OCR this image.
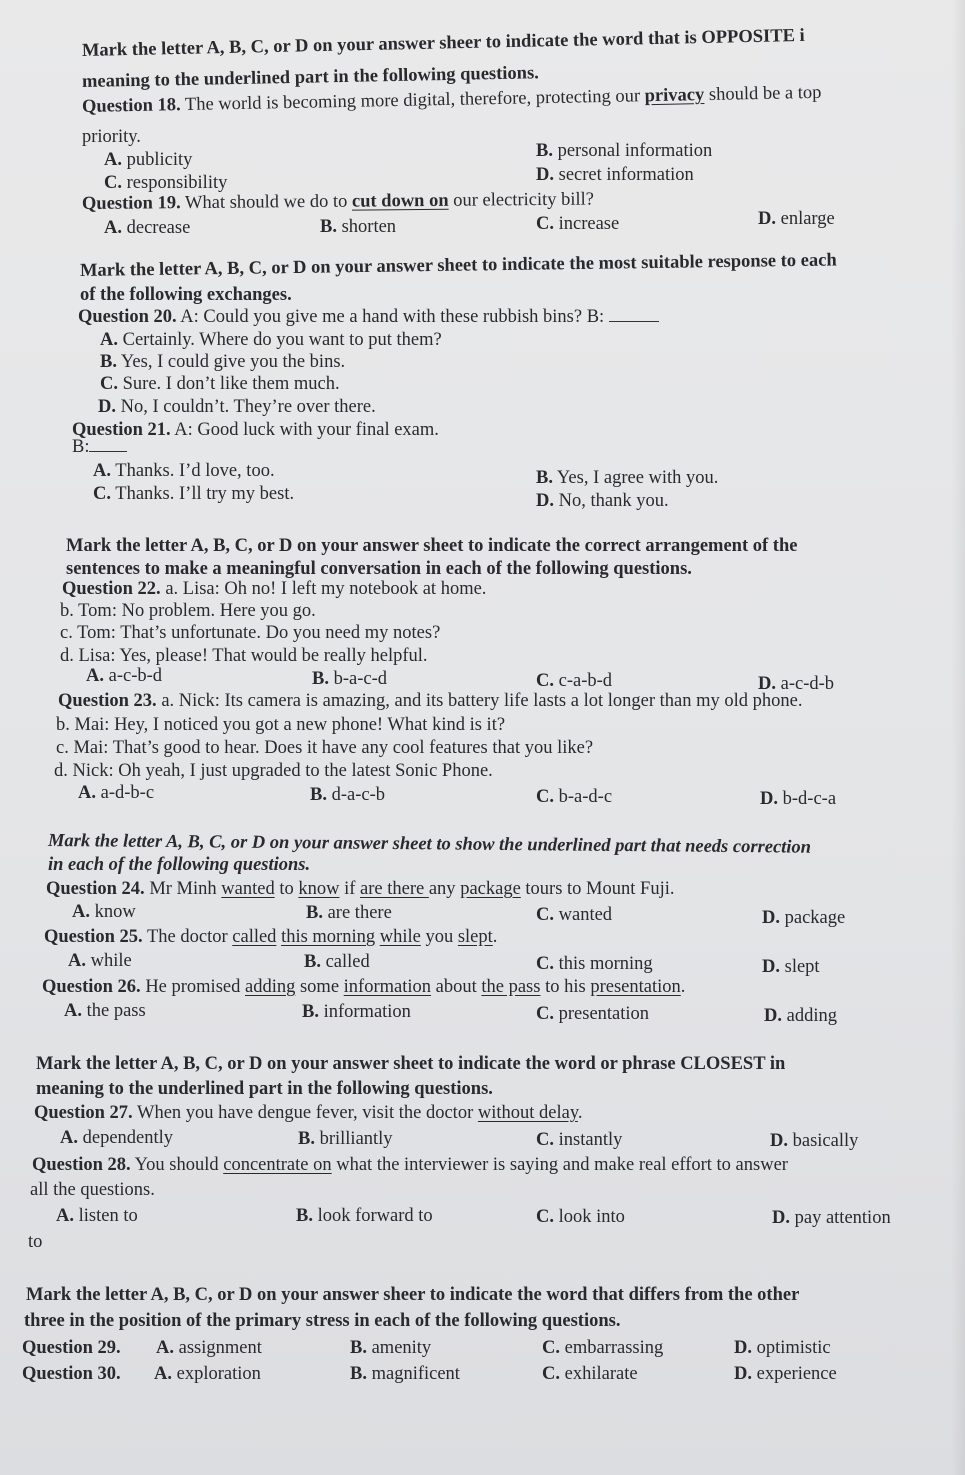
Mark the letter A, B, C, or D on your answer sheer to indicate the word that is OPPOSITE i
meaning to the underlined part in the following questions.
Question 18. The world is becoming more digital, therefore, protecting our privacy should be a top
priority.
A. publicity	B. personal information
C. responsibility	D. secret information
Question 19. What should we do to cut down on our electricity bill?
A. decrease	B. shorten	C. increase	D. enlarge
Mark the letter A, B, C, or D on your answer sheet to indicate the most suitable response to each
of the following exchanges.
Question 20. A: Could you give me a hand with these rubbish bins? B:
A. Certainly. Where do you want to put them?
B. Yes, I could give you the bins.
C. Sure. I don’t like them much.
D. No, I couldn’t. They’re over there.
Question 21. A: Good luck with your final exam.
B:
A. Thanks. I’d love, too.	B. Yes, I agree with you.
C. Thanks. I’ll try my best.	D. No, thank you.
Mark the letter A, B, C, or D on your answer sheet to indicate the correct arrangement of the
sentences to make a meaningful conversation in each of the following questions.
Question 22. a. Lisa: Oh no! I left my notebook at home.
b. Tom: No problem. Here you go.
c. Tom: That’s unfortunate. Do you need my notes?
d. Lisa: Yes, please! That would be really helpful.
A. a-c-b-d	B. b-a-c-d	C. c-a-b-d	D. a-c-d-b
Question 23. a. Nick: Its camera is amazing, and its battery life lasts a lot longer than my old phone.
b. Mai: Hey, I noticed you got a new phone! What kind is it?
c. Mai: That’s good to hear. Does it have any cool features that you like?
d. Nick: Oh yeah, I just upgraded to the latest Sonic Phone.
A. a-d-b-c	B. d-a-c-b	C. b-a-d-c	D. b-d-c-a
Mark the letter A, B, C, or D on your answer sheet to show the underlined part that needs correction
in each of the following questions.
Question 24. Mr Minh wanted to know if are there any package tours to Mount Fuji.
A. know	B. are there	C. wanted	D. package
Question 25. The doctor called this morning while you slept.
A. while	B. called	C. this morning	D. slept
Question 26. He promised adding some information about the pass to his presentation.
A. the pass	B. information	C. presentation	D. adding
Mark the letter A, B, C, or D on your answer sheet to indicate the word or phrase CLOSEST in
meaning to the underlined part in the following questions.
Question 27. When you have dengue fever, visit the doctor without delay.
A. dependently	B. brilliantly	C. instantly	D. basically
Question 28. You should concentrate on what the interviewer is saying and make real effort to answer
all the questions.
A. listen to	B. look forward to	C. look into	D. pay attention
to
Mark the letter A, B, C, or D on your answer sheer to indicate the word that differs from the other
three in the position of the primary stress in each of the following questions.
Question 29. A. assignment	B. amenity	C. embarrassing	D. optimistic
Question 30. A. exploration	B. magnificent	C. exhilarate	D. experience
